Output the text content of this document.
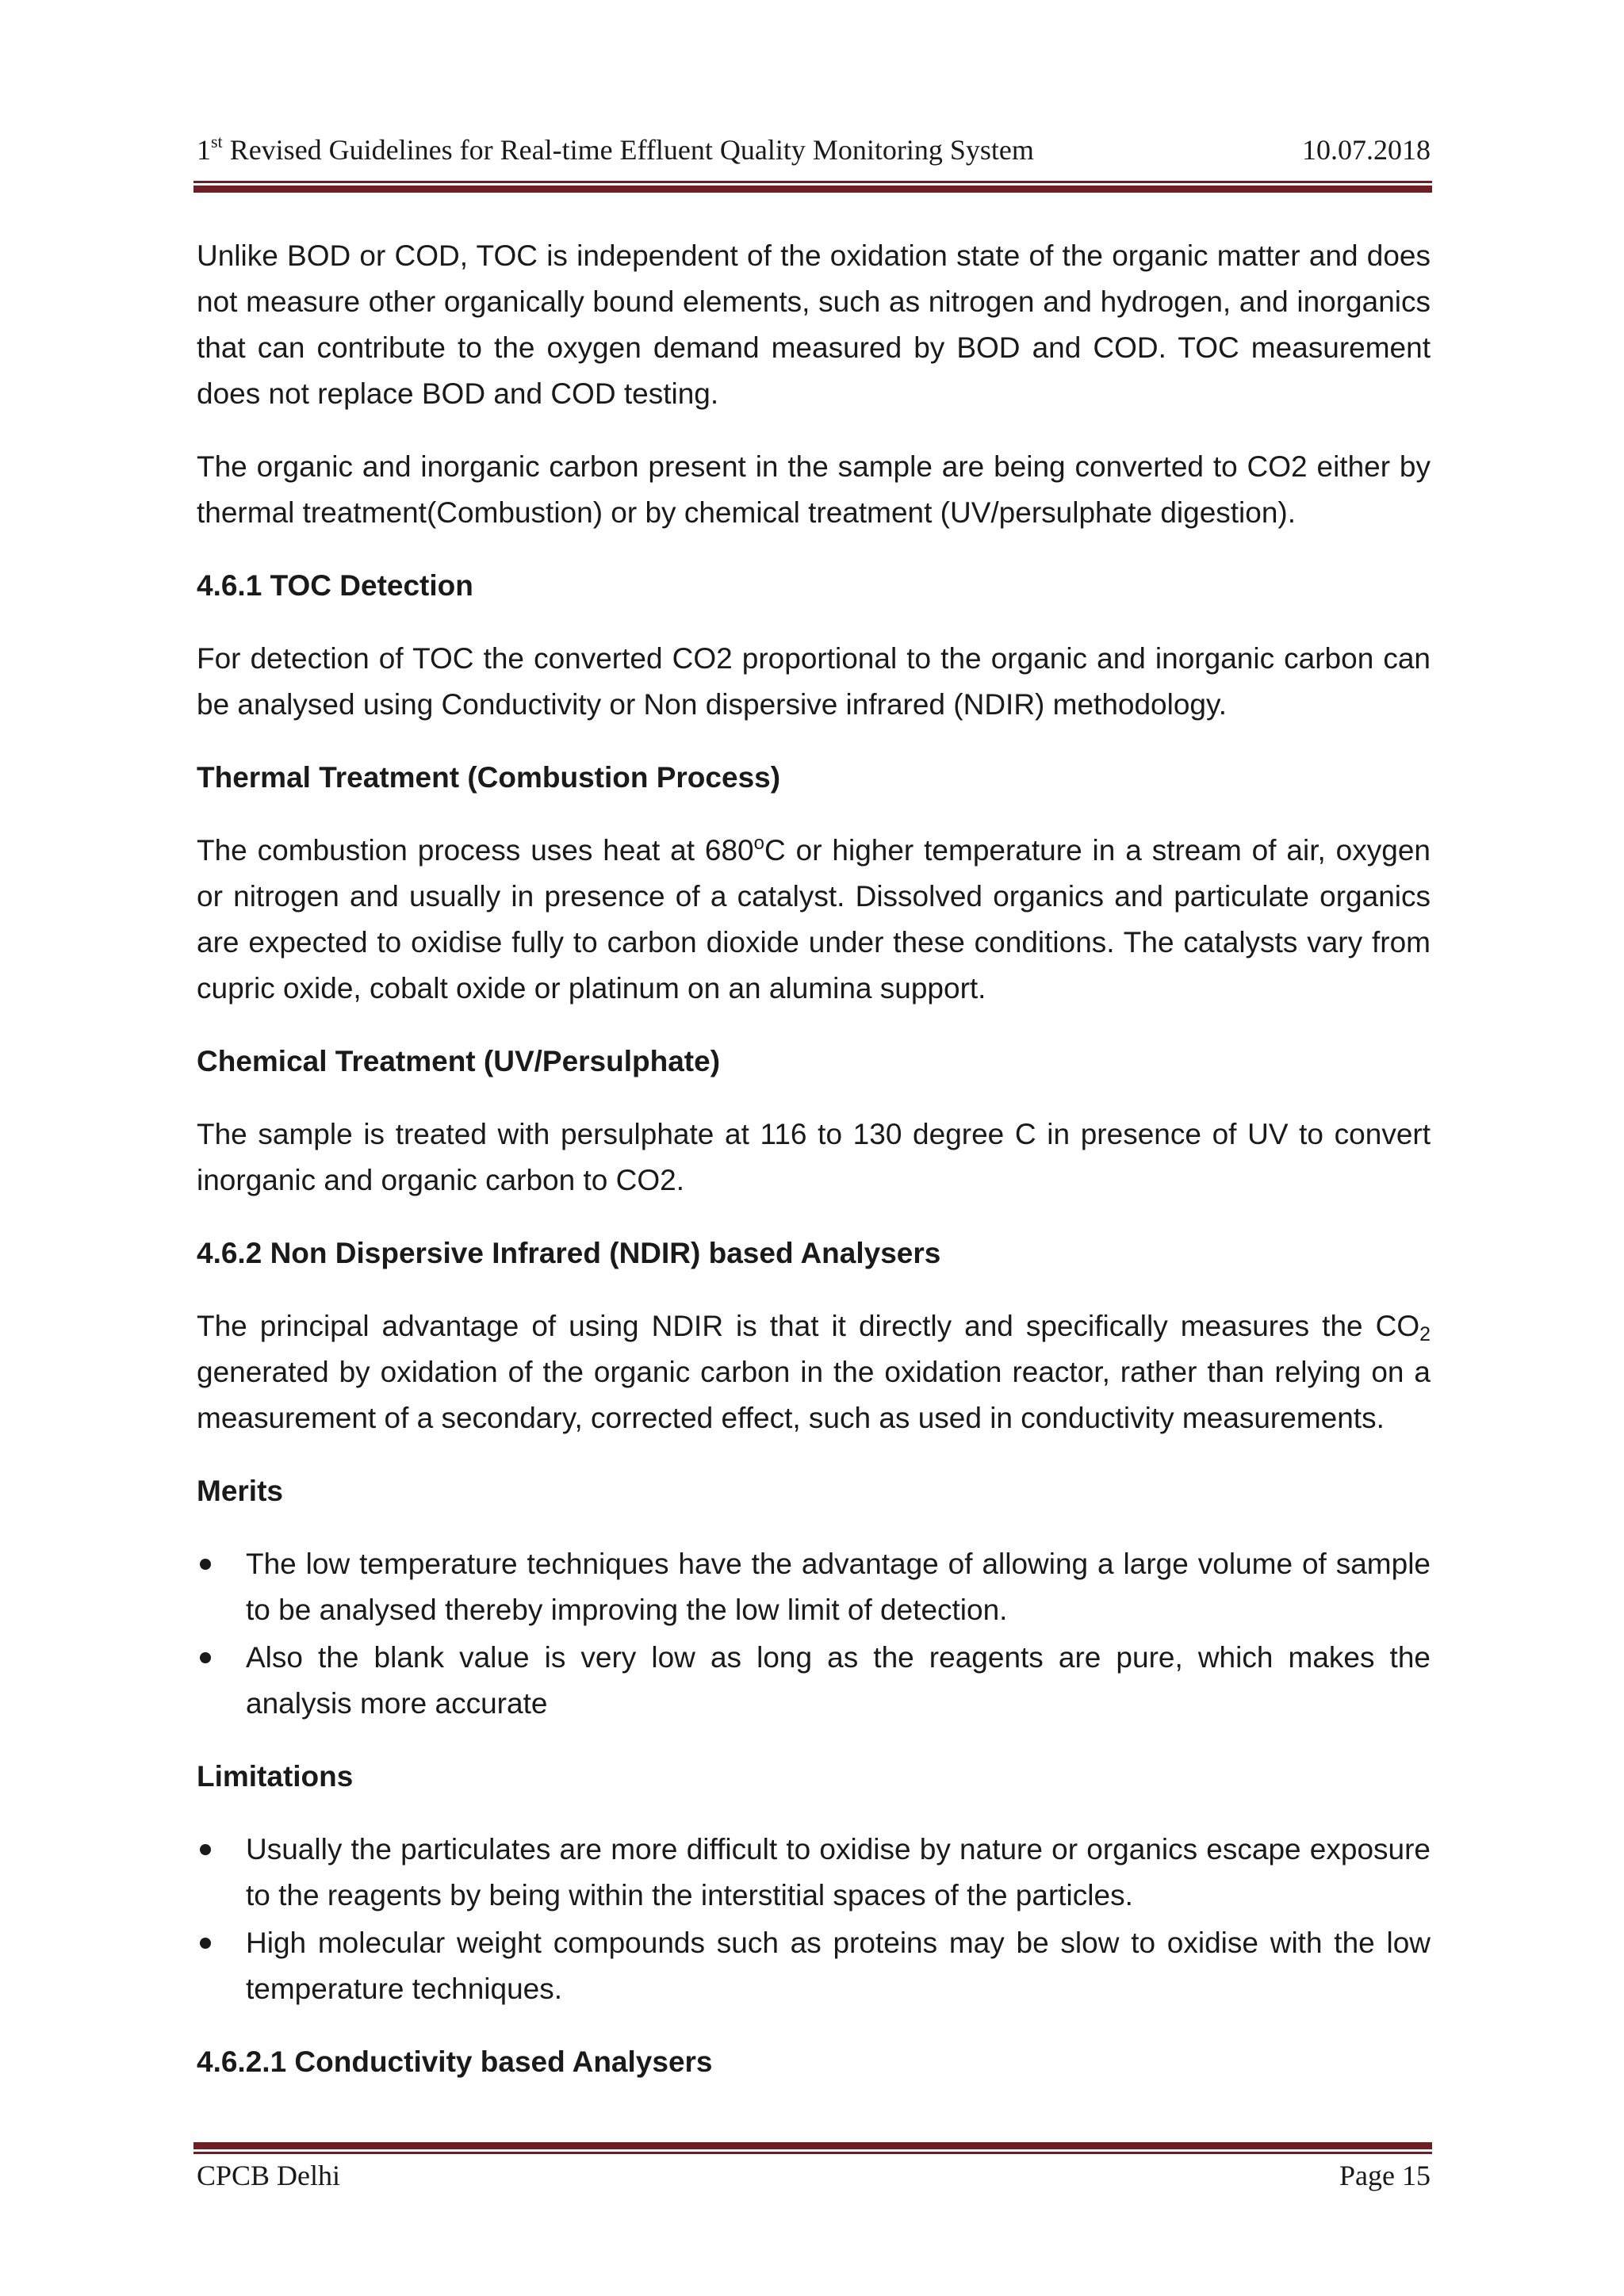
1st Revised Guidelines for Real-time Effluent Quality Monitoring System	10.07.2018

Unlike BOD or COD, TOC is independent of the oxidation state of the organic matter and does not measure other organically bound elements, such as nitrogen and hydrogen, and inorganics that can contribute to the oxygen demand measured by BOD and COD. TOC measurement does not replace BOD and COD testing.

The organic and inorganic carbon present in the sample are being converted to CO2 either by thermal treatment(Combustion) or by chemical treatment (UV/persulphate digestion).

4.6.1 TOC Detection

For detection of TOC the converted CO2 proportional to the organic and inorganic carbon can be analysed using Conductivity or Non dispersive infrared (NDIR) methodology.

Thermal Treatment (Combustion Process)

The combustion process uses heat at 680$^o$C or higher temperature in a stream of air, oxygen or nitrogen and usually in presence of a catalyst. Dissolved organics and particulate organics are expected to oxidise fully to carbon dioxide under these conditions. The catalysts vary from cupric oxide, cobalt oxide or platinum on an alumina support.

Chemical Treatment (UV/Persulphate)

The sample is treated with persulphate at 116 to 130 degree C in presence of UV to convert inorganic and organic carbon to CO2.

4.6.2 Non Dispersive Infrared (NDIR) based Analysers

The principal advantage of using NDIR is that it directly and specifically measures the CO2 generated by oxidation of the organic carbon in the oxidation reactor, rather than relying on a measurement of a secondary, corrected effect, such as used in conductivity measurements.

Merits
The low temperature techniques have the advantage of allowing a large volume of sample to be analysed thereby improving the low limit of detection.
Also the blank value is very low as long as the reagents are pure, which makes the analysis more accurate
Limitations
Usually the particulates are more difficult to oxidise by nature or organics escape exposure to the reagents by being within the interstitial spaces of the particles.
High molecular weight compounds such as proteins may be slow to oxidise with the low temperature techniques.
4.6.2.1 Conductivity based Analysers
CPCB Delhi	Page 15
